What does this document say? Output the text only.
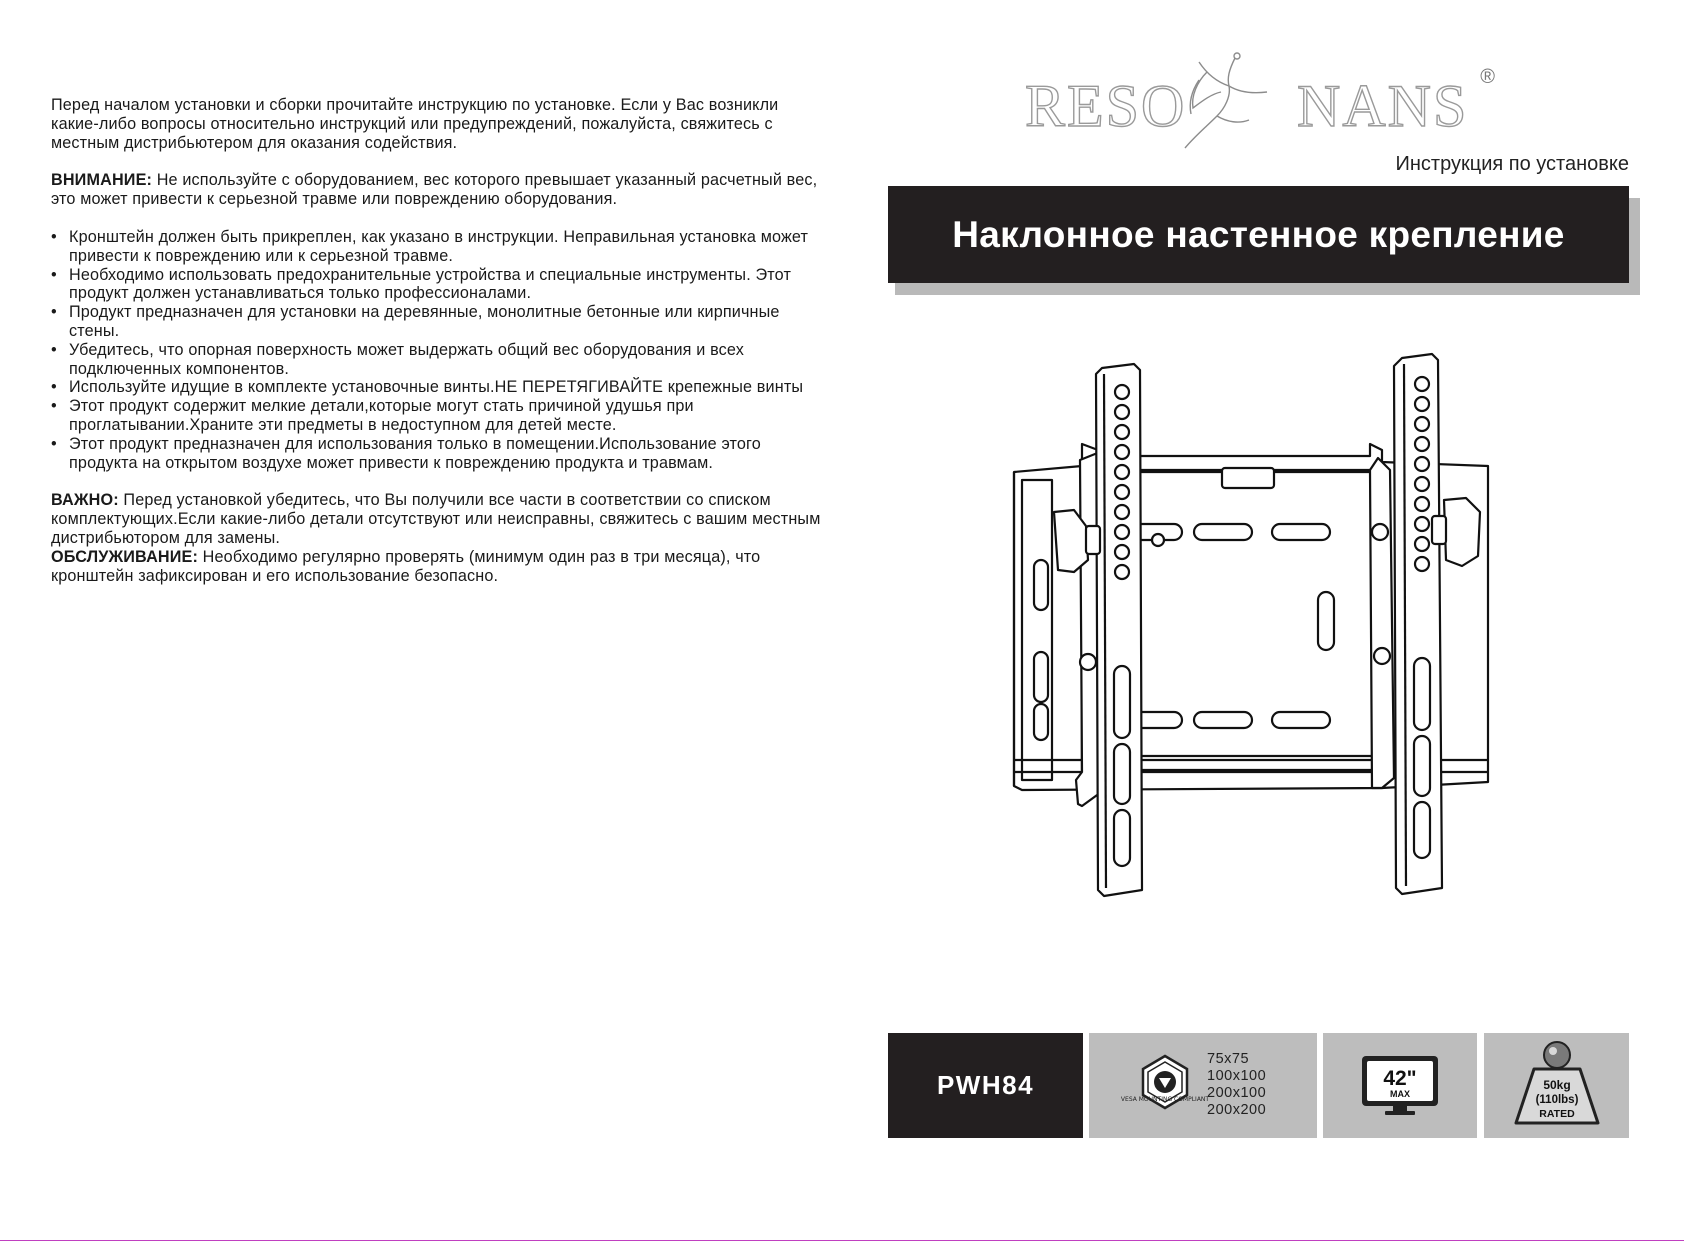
Перед началом установки и сборки прочитайте инструкцию по установке. Если у Вас возникли какие-либо вопросы относительно инструкций или предупреждений, пожалуйста, свяжитесь с местным дистрибьютером для оказания содействия.

ВНИМАНИЕ: Не используйте с оборудованием, вес которого превышает указанный расчетный вес, это может привести к серьезной травме или повреждению оборудования.

• Кронштейн должен быть прикреплен, как указано в инструкции. Неправильная установка может привести к повреждению или к серьезной травме.
• Необходимо использовать предохранительные устройства и специальные инструменты. Этот продукт должен устанавливаться только профессионалами.
• Продукт предназначен для установки на деревянные, монолитные бетонные или кирпичные стены.
• Убедитесь, что опорная поверхность может выдержать общий вес оборудования и всех подключенных компонентов.
• Используйте идущие в комплекте установочные винты.НЕ ПЕРЕТЯГИВАЙТЕ крепежные винты
• Этот продукт содержит мелкие детали,которые могут стать причиной удушья при проглатывании.Храните эти предметы в недоступном для детей месте.
• Этот продукт предназначен для использования только в помещении.Использование этого продукта на открытом воздухе может привести к повреждению продукта и травмам.

ВАЖНО: Перед установкой убедитесь, что Вы получили все части в соответствии со списком комплектующих.Если какие-либо детали отсутствуют или неисправны, свяжитесь с вашим местным дистрибьютором для замены.

ОБСЛУЖИВАНИЕ: Необходимо регулярно проверять (минимум один раз в три месяца), что кронштейн зафиксирован и его использование безопасно.

RESO NANS ®
Инструкция по установке
Наклонное настенное крепление
PWH84	VESA MOUNTING COMPLIANT
75x75
100x100
200x100
200x200
42"
MAX
50kg
(110lbs)
RATED
